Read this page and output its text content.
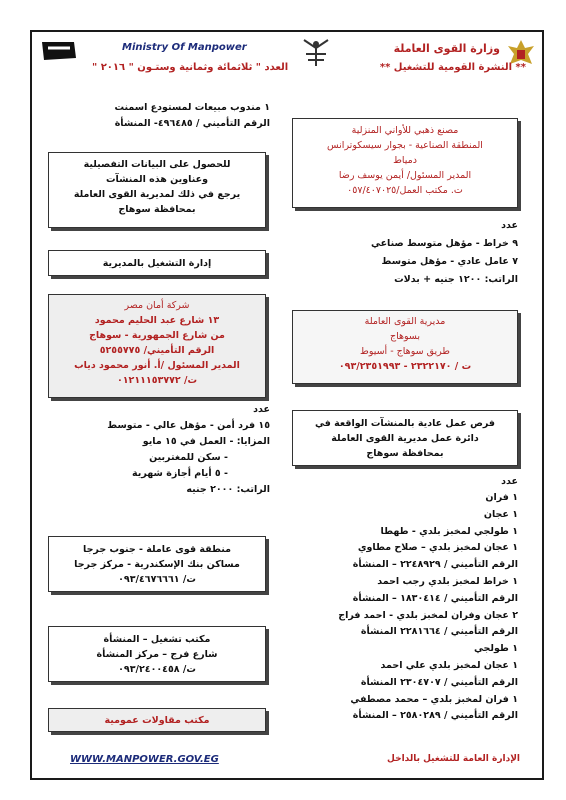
وزارة القوى العاملة
** النشرة القومية للتشغيل **
Ministry Of Manpower
العدد " ثلاثمائة وثمانية وستـون " ٢٠١٦ "
١ مندوب مبيعات لمستودع اسمنت
الرقم التأميني / ٤٩٦٤٨٥- المنشأة
للحصول على البيانات التفصيلية
وعناوين هذه المنشآت
يرجع في ذلك لمديرية القوى العاملة
بمحافظة سوهاج
إدارة التشغيل بالمديرية
شركة أمان مصر
١٣ شارع عبد الحليم محمود
من شارع الجمهورية - سوهاج
الرقم التأميني/ ٥٢٥٥٧٧٥
المدير المسئول /أ. أنور محمود دياب
ت/ ٠١٢١١١٥٣٧٧٢
عدد
١٥ فرد أمن - مؤهل عالي - متوسط
المزايا: - العمل في ١٥ مايو
- سكن للمغتربين
- ٥ أيام أجازة شهرية
الراتب: ٢٠٠٠ جنيه
منطقة قوى عاملة - جنوب جرجا
مساكن بنك الإسكندرية - مركز جرجا
ت/ ٠٩٣/٤٦٧٦٦٦١
مكتب تشغيل – المنشأة
شارع فرج – مركز المنشأة
ت/ ٠٩٣/٢٤٠٠٤٥٨
مكتب مقاولات عمومية
مصنع ذهبي للأواني المنزلية
المنطقة الصناعية - بجوار سيسكوترانس
دمياط
المدير المسئول/ أيمن يوسف رضا
ت. مكتب العمل/٠٥٧/٤٠٧٠٢٥
عدد
٩ خراط - مؤهل متوسط صناعي
٧ عامل عادي - مؤهل متوسط
الراتب: ١٢٠٠ جنيه + بدلات
مديرية القوى العاملة
بسوهاج
طريق سوهاج - أسيوط
ت / ٢٣٢٢١٧٠ - ٠٩٣/٢٣٥١٩٩٣
فرص عمل عادية بالمنشآت الواقعة في
دائرة عمل مديرية القوى العاملة
بمحافظة سوهاج
عدد
١ فران
١ عجان
١ طولجي لمخبز بلدي - طهطا
١ عجان لمخبز بلدي – صلاح مطاوي
الرقم التأميني / ٢٢٤٨٩٢٩ – المنشأة
١ خراط لمخبز بلدي رجب احمد
الرقم التأميني / ١٨٣٠٤١٤ – المنشأة
٢ عجان وفران لمخبز بلدي - احمد فراج
الرقم التأميني / ٢٢٨١٦٦٤ المنشأة
١ طولجي
١ عجان لمخبز بلدي علي احمد
الرقم التأميني / ٢٣٠٤٧٠٧ المنشأة
١ فران لمخبز بلدي – محمد مصطفي
الرقم التأميني / ٢٥٨٠٢٨٩ – المنشأة
WWW.MANPOWER.GOV.EG	الإدارة العامة للتشغيل بالداخل
